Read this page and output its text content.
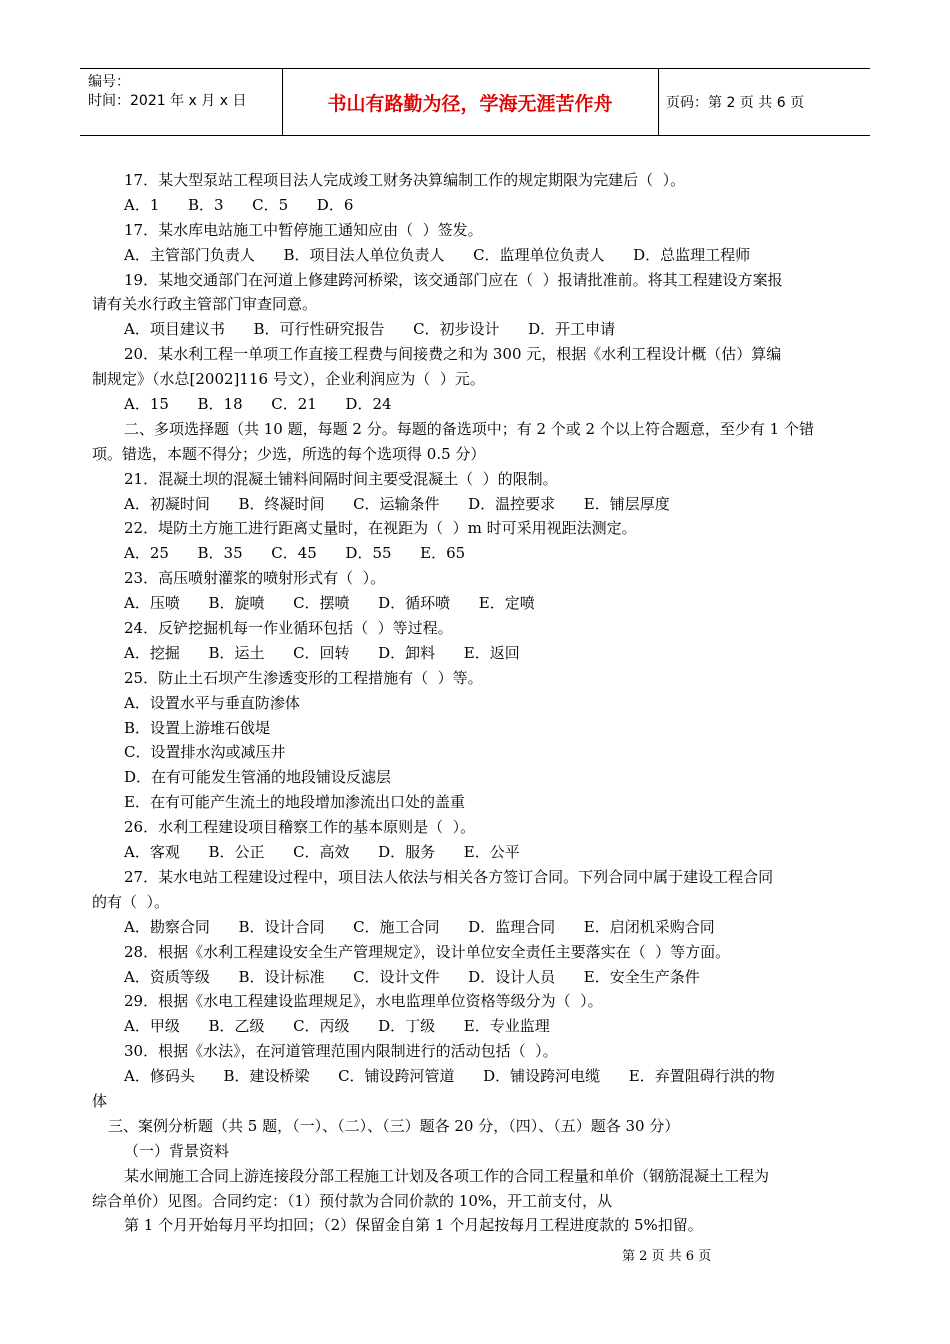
编号：
时间：2021 年 x 月 x 日	书山有路勤为径，学海无涯苦作舟	页码：第 2 页 共 6 页
17．某大型泵站工程项目法人完成竣工财务决算编制工作的规定期限为完建后（  ）。
A．1      B．3      C．5      D．6
17．某水库电站施工中暂停施工通知应由（  ）签发。
A．主管部门负责人      B．项目法人单位负责人      C．监理单位负责人      D．总监理工程师
19．某地交通部门在河道上修建跨河桥梁，该交通部门应在（  ）报请批准前。将其工程建设方案报
请有关水行政主管部门审查同意。
A．项目建议书      B．可行性研究报告      C．初步设计      D．开工申请
20．某水利工程一单项工作直接工程费与间接费之和为 300 元，根据《水利工程设计概（估）算编
制规定》（水总[2002]116 号文），企业利润应为（  ）元。
A．15      B．18      C．21      D．24
二、多项选择题（共 10 题，每题 2 分。每题的备选项中；有 2 个或 2 个以上符合题意，至少有 1 个错
项。错选，本题不得分；少选，所选的每个选项得 0.5 分）
21．混凝土坝的混凝土铺料间隔时间主要受混凝土（  ）的限制。
A．初凝时间      B．终凝时间      C．运输条件      D．温控要求      E．铺层厚度
22．堤防土方施工进行距离丈量时，在视距为（  ）m 时可采用视距法测定。
A．25      B．35      C．45      D．55      E．65
23．高压喷射灌浆的喷射形式有（  ）。
A．压喷      B．旋喷      C．摆喷      D．循环喷      E．定喷
24．反铲挖掘机每一作业循环包括（  ）等过程。
A．挖掘      B．运土      C．回转      D．卸料      E．返回
25．防止土石坝产生渗透变形的工程措施有（  ）等。
A．设置水平与垂直防渗体
B．设置上游堆石戗堤
C．设置排水沟或减压井
D．在有可能发生管涌的地段铺设反滤层
E．在有可能产生流土的地段增加渗流出口处的盖重
26．水利工程建设项目稽察工作的基本原则是（  ）。
A．客观      B．公正      C．高效      D．服务      E．公平
27．某水电站工程建设过程中，项目法人依法与相关各方签订合同。下列合同中属于建设工程合同
的有（  ）。
A．勘察合同      B．设计合同      C．施工合同      D．监理合同      E．启闭机采购合同
28．根据《水利工程建设安全生产管理规定》，设计单位安全责任主要落实在（  ）等方面。
A．资质等级      B．设计标准      C．设计文件      D．设计人员      E．安全生产条件
29．根据《水电工程建设监理规足》，水电监理单位资格等级分为（  ）。
A．甲级      B．乙级      C．丙级      D．丁级      E．专业监理
30．根据《水法》，在河道管理范围内限制进行的活动包括（  ）。
A．修码头      B．建设桥梁      C．铺设跨河管道      D．铺设跨河电缆      E．弃置阻碍行洪的物
体
三、案例分析题（共 5 题，（一）、（二）、（三）题各 20 分，（四）、（五）题各 30 分）
（一）背景资料
某水闸施工合同上游连接段分部工程施工计划及各项工作的合同工程量和单价（钢筋混凝土工程为
综合单价）见图。合同约定：（1）预付款为合同价款的 10%，开工前支付，从
第 1 个月开始每月平均扣回；（2）保留金自第 1 个月起按每月工程进度款的 5%扣留。
第 2 页 共 6 页
